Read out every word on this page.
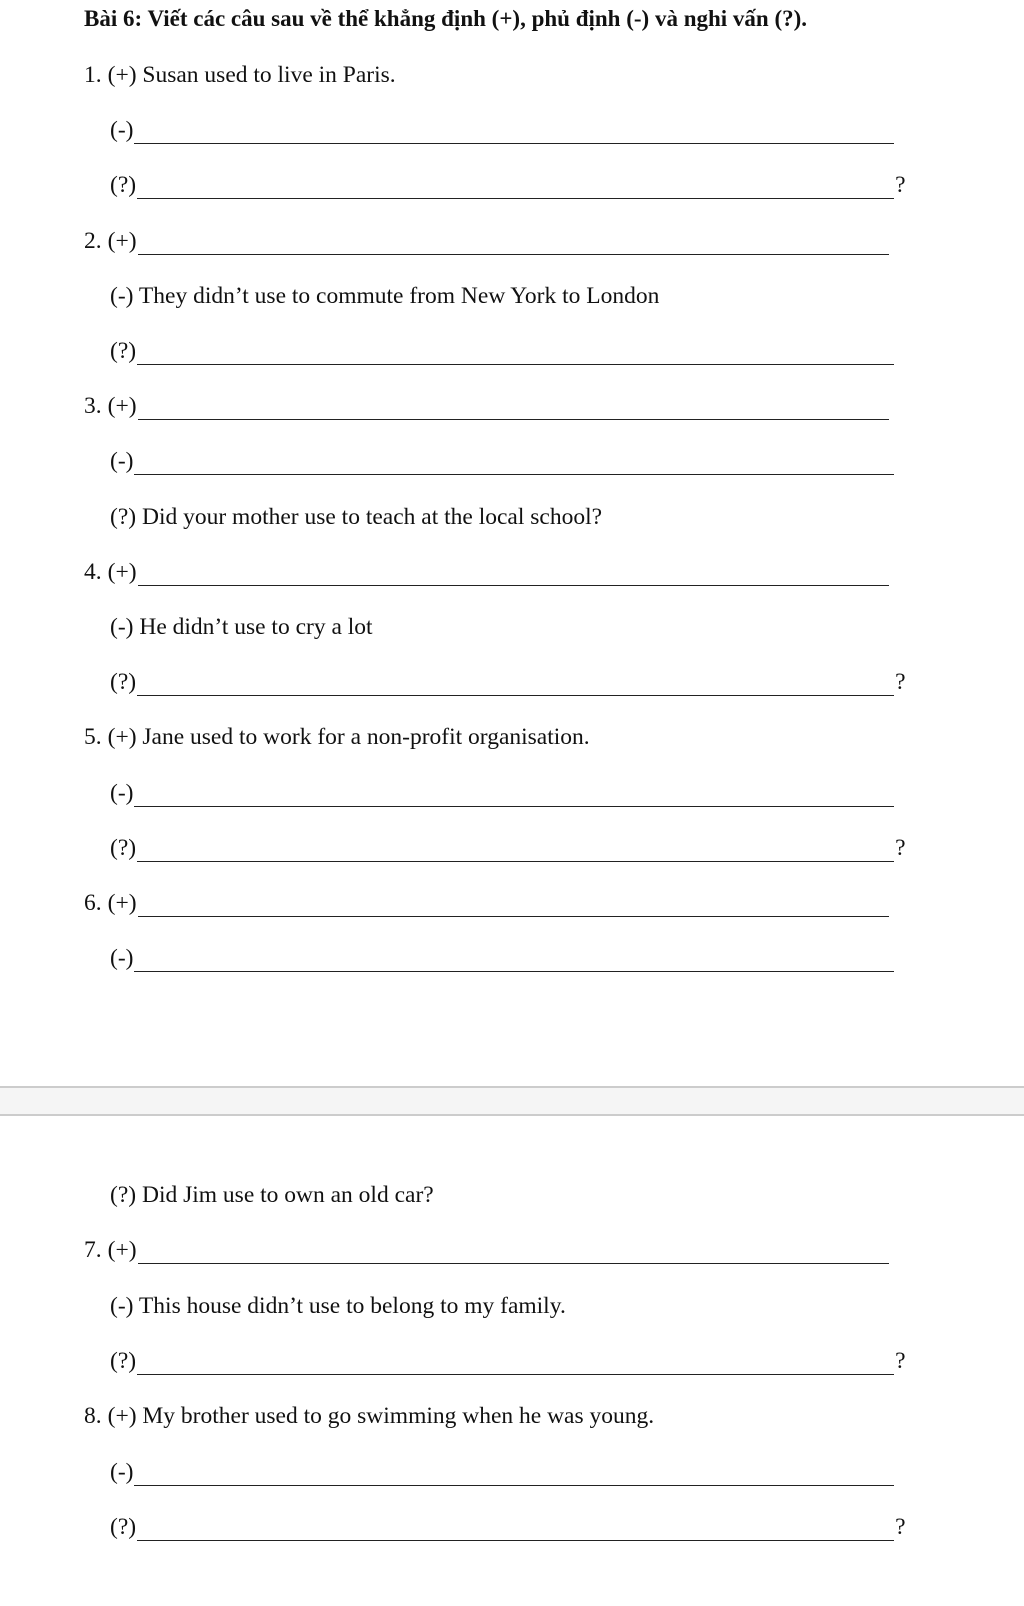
Bài 6: Viết các câu sau về thể khẳng định (+), phủ định (-) và nghi vấn (?).
1. (+) Susan used to live in Paris.
(-)
(?)	?
2. (+)
(-) They didn’t use to commute from New York to London
(?)
3. (+)
(-)
(?) Did your mother use to teach at the local school?
4. (+)
(-) He didn’t use to cry a lot
(?)	?
5. (+) Jane used to work for a non-profit organisation.
(-)
(?)	?
6. (+)
(-)
(?) Did Jim use to own an old car?
7. (+)
(-) This house didn’t use to belong to my family.
(?)	?
8. (+) My brother used to go swimming when he was young.
(-)
(?)	?
